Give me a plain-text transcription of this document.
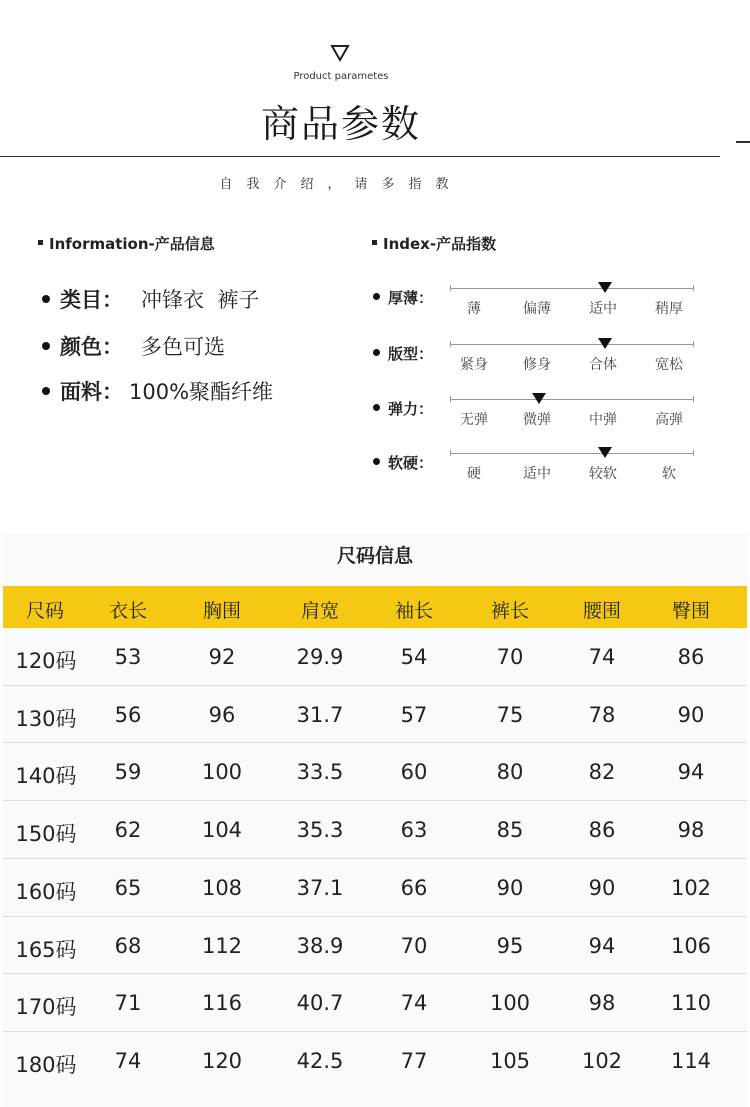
Product parametes
商品参数
自我介绍，请多指教
Information-产品信息
类目： 冲锋衣  裤子
颜色： 多色可选
面料： 100%聚酯纤维
Index-产品指数
厚薄：
薄	偏薄	适中	稍厚
版型：
紧身	修身	合体	宽松
弹力：
无弹	微弹	中弹	高弹
软硬：
硬	适中	较软	软
尺码信息
尺码	衣长	胸围	肩宽	袖长	裤长	腰围	臀围
120码	53	92	29.9	54	70	74	86
130码	56	96	31.7	57	75	78	90
140码	59	100	33.5	60	80	82	94
150码	62	104	35.3	63	85	86	98
160码	65	108	37.1	66	90	90	102
165码	68	112	38.9	70	95	94	106
170码	71	116	40.7	74	100	98	110
180码	74	120	42.5	77	105	102	114
